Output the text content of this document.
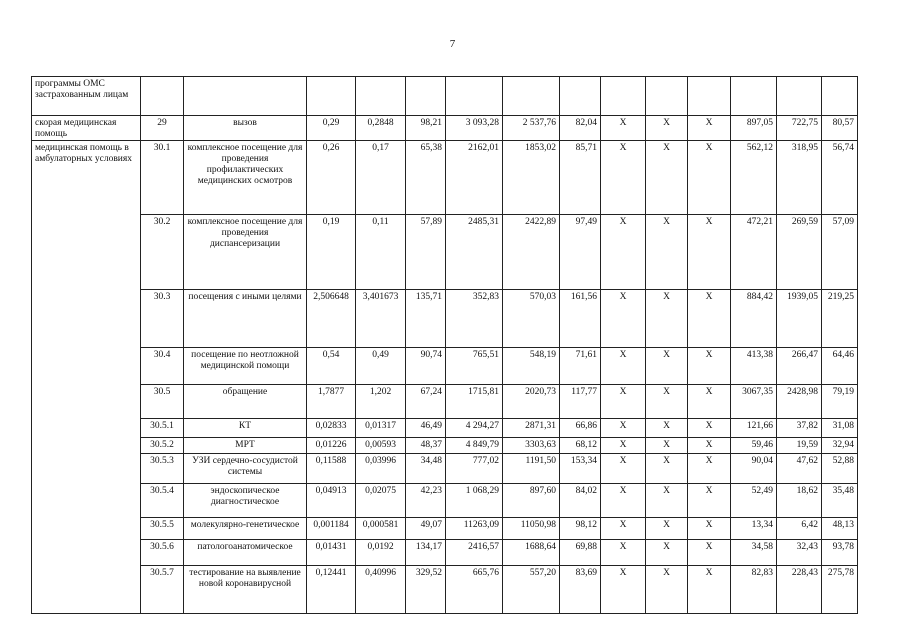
7
программы ОМС застрахованным лицам														
скорая медицинская помощь	29	вызов	0,29	0,2848	98,21	3 093,28	2 537,76	82,04	Х	Х	Х	897,05	722,75	80,57
медицинская помощь в амбулаторных условиях	30.1	комплексное посещение для проведения профилактических медицинских осмотров	0,26	0,17	65,38	2162,01	1853,02	85,71	Х	Х	Х	562,12	318,95	56,74
	30.2	комплексное посещение для проведения диспансеризации	0,19	0,11	57,89	2485,31	2422,89	97,49	Х	Х	Х	472,21	269,59	57,09
	30.3	посещения с иными целями	2,506648	3,401673	135,71	352,83	570,03	161,56	Х	Х	Х	884,42	1939,05	219,25
	30.4	посещение по неотложной медицинской помощи	0,54	0,49	90,74	765,51	548,19	71,61	Х	Х	Х	413,38	266,47	64,46
	30.5	обращение	1,7877	1,202	67,24	1715,81	2020,73	117,77	Х	Х	Х	3067,35	2428,98	79,19
	30.5.1	КТ	0,02833	0,01317	46,49	4 294,27	2871,31	66,86	Х	Х	Х	121,66	37,82	31,08
	30.5.2	МРТ	0,01226	0,00593	48,37	4 849,79	3303,63	68,12	Х	Х	Х	59,46	19,59	32,94
	30.5.3	УЗИ сердечно-сосудистой системы	0,11588	0,03996	34,48	777,02	1191,50	153,34	Х	Х	Х	90,04	47,62	52,88
	30.5.4	эндоскопическое диагностическое	0,04913	0,02075	42,23	1 068,29	897,60	84,02	Х	Х	Х	52,49	18,62	35,48
	30.5.5	молекулярно-генетическое	0,001184	0,000581	49,07	11263,09	11050,98	98,12	Х	Х	Х	13,34	6,42	48,13
	30.5.6	патологоанатомическое	0,01431	0,0192	134,17	2416,57	1688,64	69,88	Х	Х	Х	34,58	32,43	93,78
	30.5.7	тестирование на выявление новой коронавирусной	0,12441	0,40996	329,52	665,76	557,20	83,69	Х	Х	Х	82,83	228,43	275,78
